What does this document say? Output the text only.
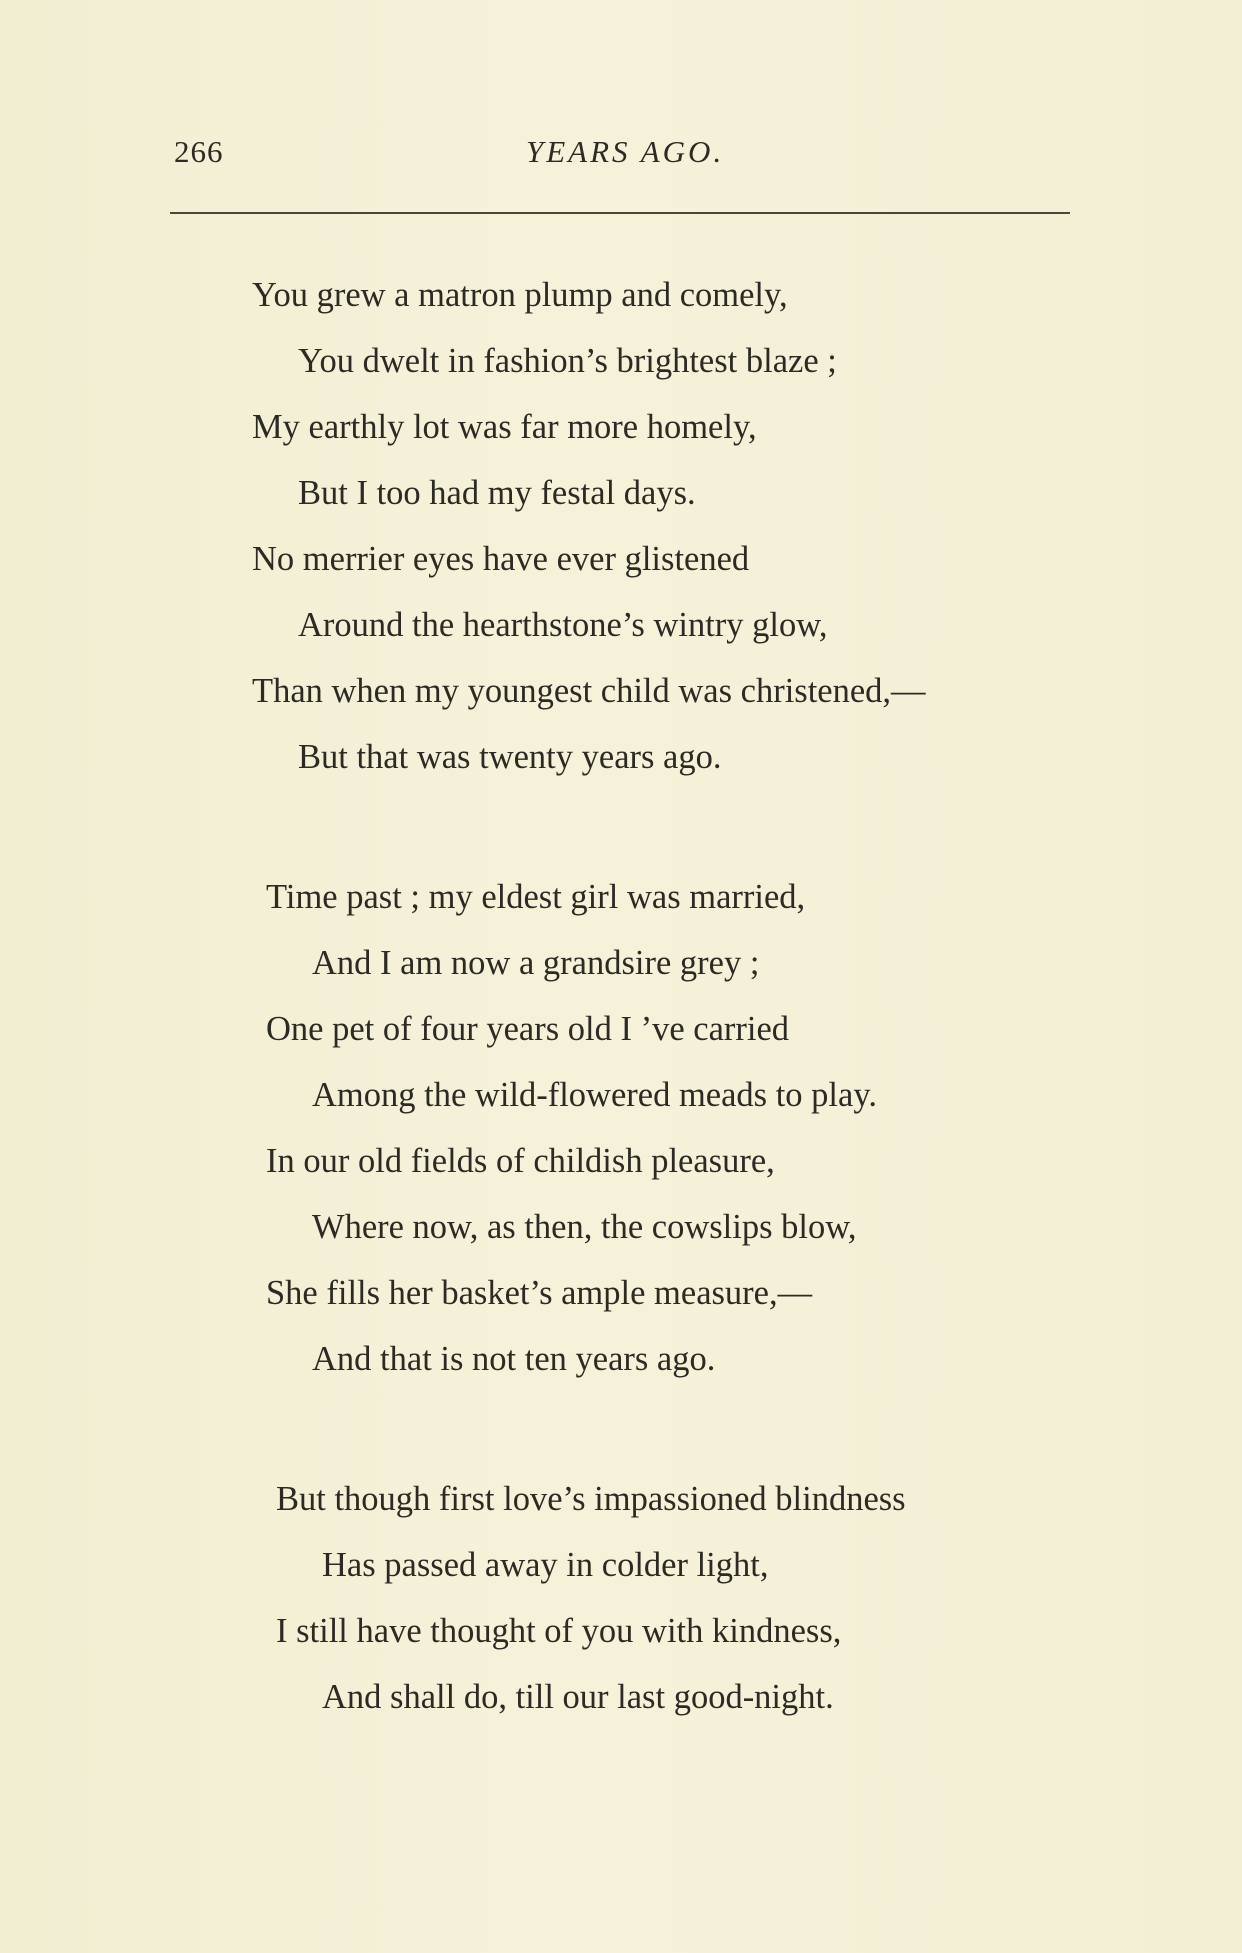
266	YEARS AGO.
You grew a matron plump and comely,
You dwelt in fashion’s brightest blaze ;
My earthly lot was far more homely,
But I too had my festal days.
No merrier eyes have ever glistened
Around the hearthstone’s wintry glow,
Than when my youngest child was christened,—
But that was twenty years ago.
Time past ; my eldest girl was married,
And I am now a grandsire grey ;
One pet of four years old I ’ve carried
Among the wild-flowered meads to play.
In our old fields of childish pleasure,
Where now, as then, the cowslips blow,
She fills her basket’s ample measure,—
And that is not ten years ago.
But though first love’s impassioned blindness
Has passed away in colder light,
I still have thought of you with kindness,
And shall do, till our last good-night.
